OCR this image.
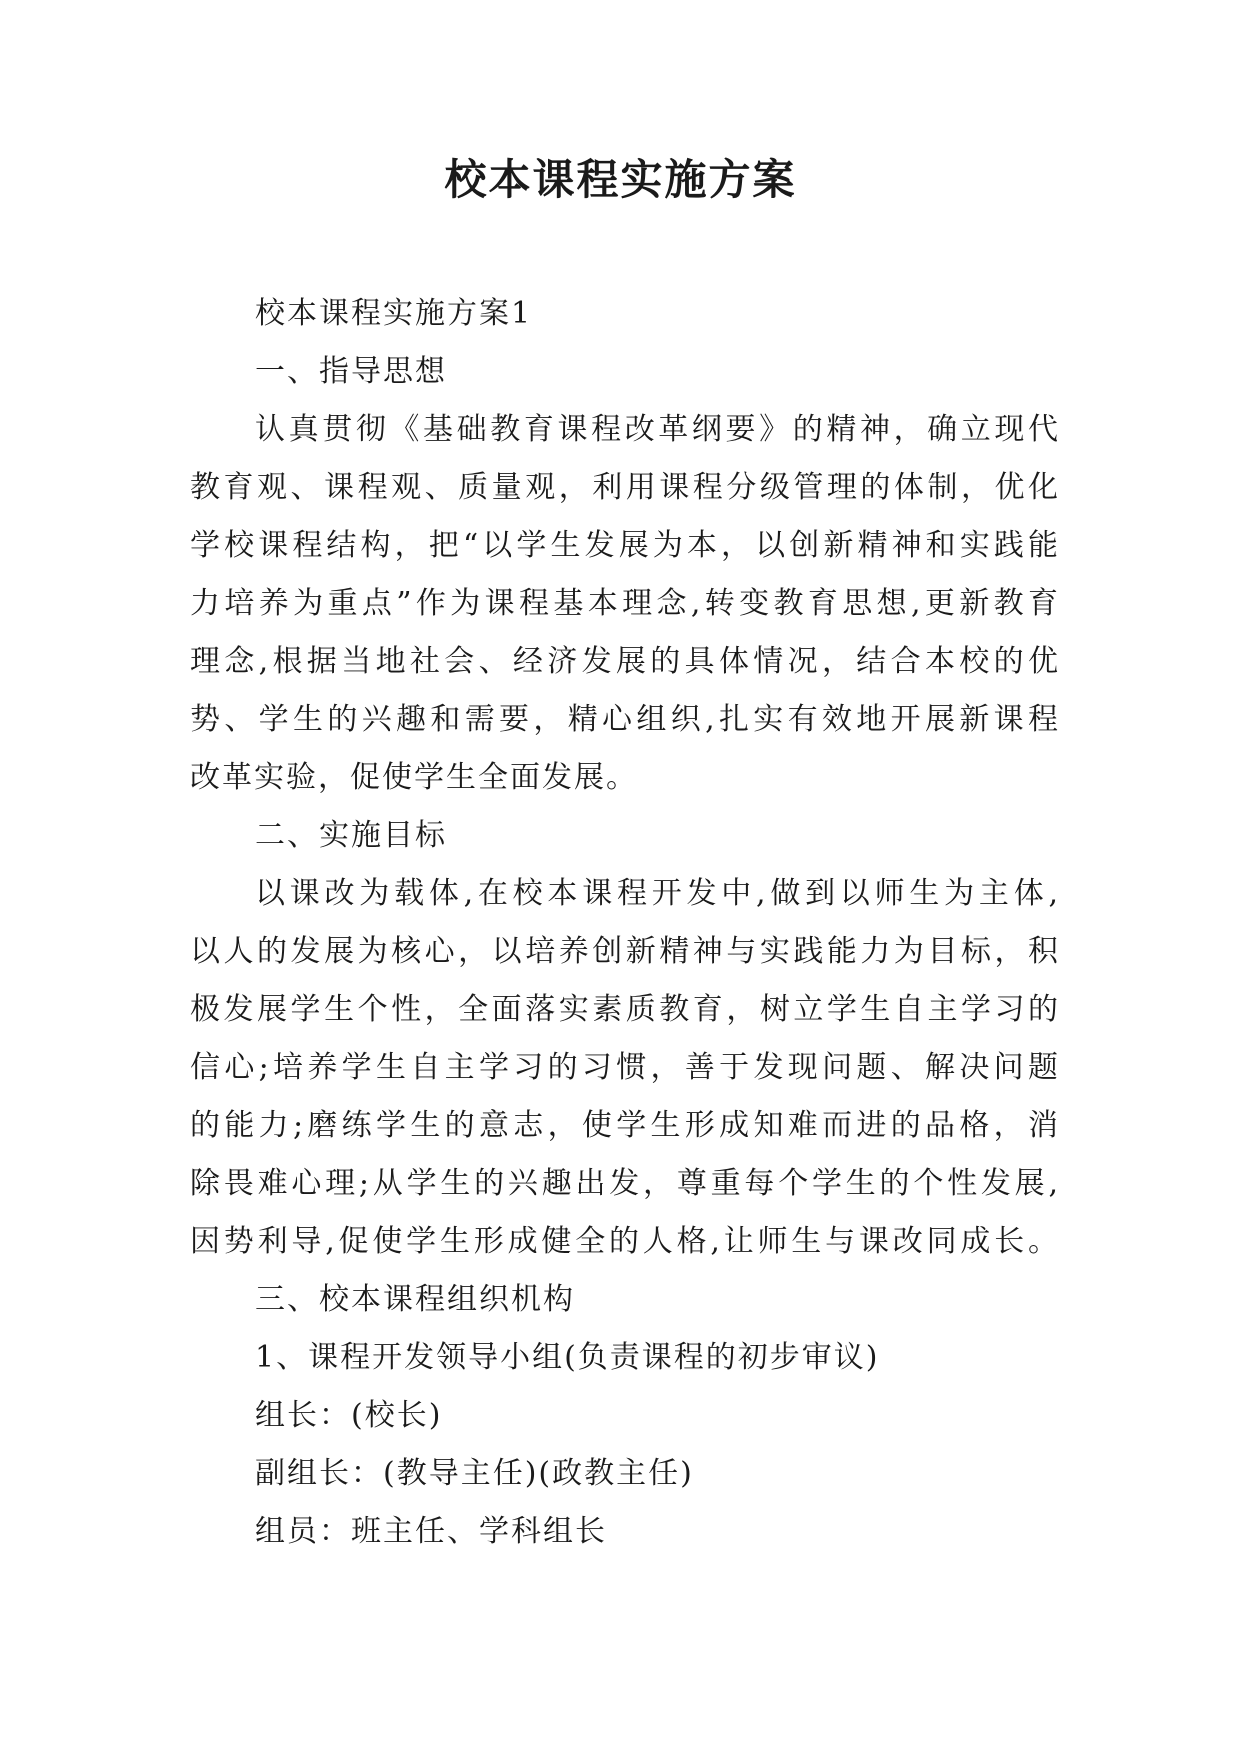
校本课程实施方案
校本课程实施方案1
一、指导思想
认真贯彻《基础教育课程改革纲要》的精神，确立现代
教育观、课程观、质量观，利用课程分级管理的体制，优化
学校课程结构，把“以学生发展为本，以创新精神和实践能
力培养为重点”作为课程基本理念,转变教育思想,更新教育
理念,根据当地社会、经济发展的具体情况，结合本校的优
势、学生的兴趣和需要，精心组织,扎实有效地开展新课程
改革实验，促使学生全面发展。
二、实施目标
以课改为载体,在校本课程开发中,做到以师生为主体,
以人的发展为核心，以培养创新精神与实践能力为目标，积
极发展学生个性，全面落实素质教育，树立学生自主学习的
信心;培养学生自主学习的习惯，善于发现问题、解决问题
的能力;磨练学生的意志，使学生形成知难而进的品格，消
除畏难心理;从学生的兴趣出发，尊重每个学生的个性发展,
因势利导,促使学生形成健全的人格,让师生与课改同成长。
三、校本课程组织机构
1、课程开发领导小组(负责课程的初步审议)
组长：(校长)
副组长：(教导主任)(政教主任)
组员：班主任、学科组长
